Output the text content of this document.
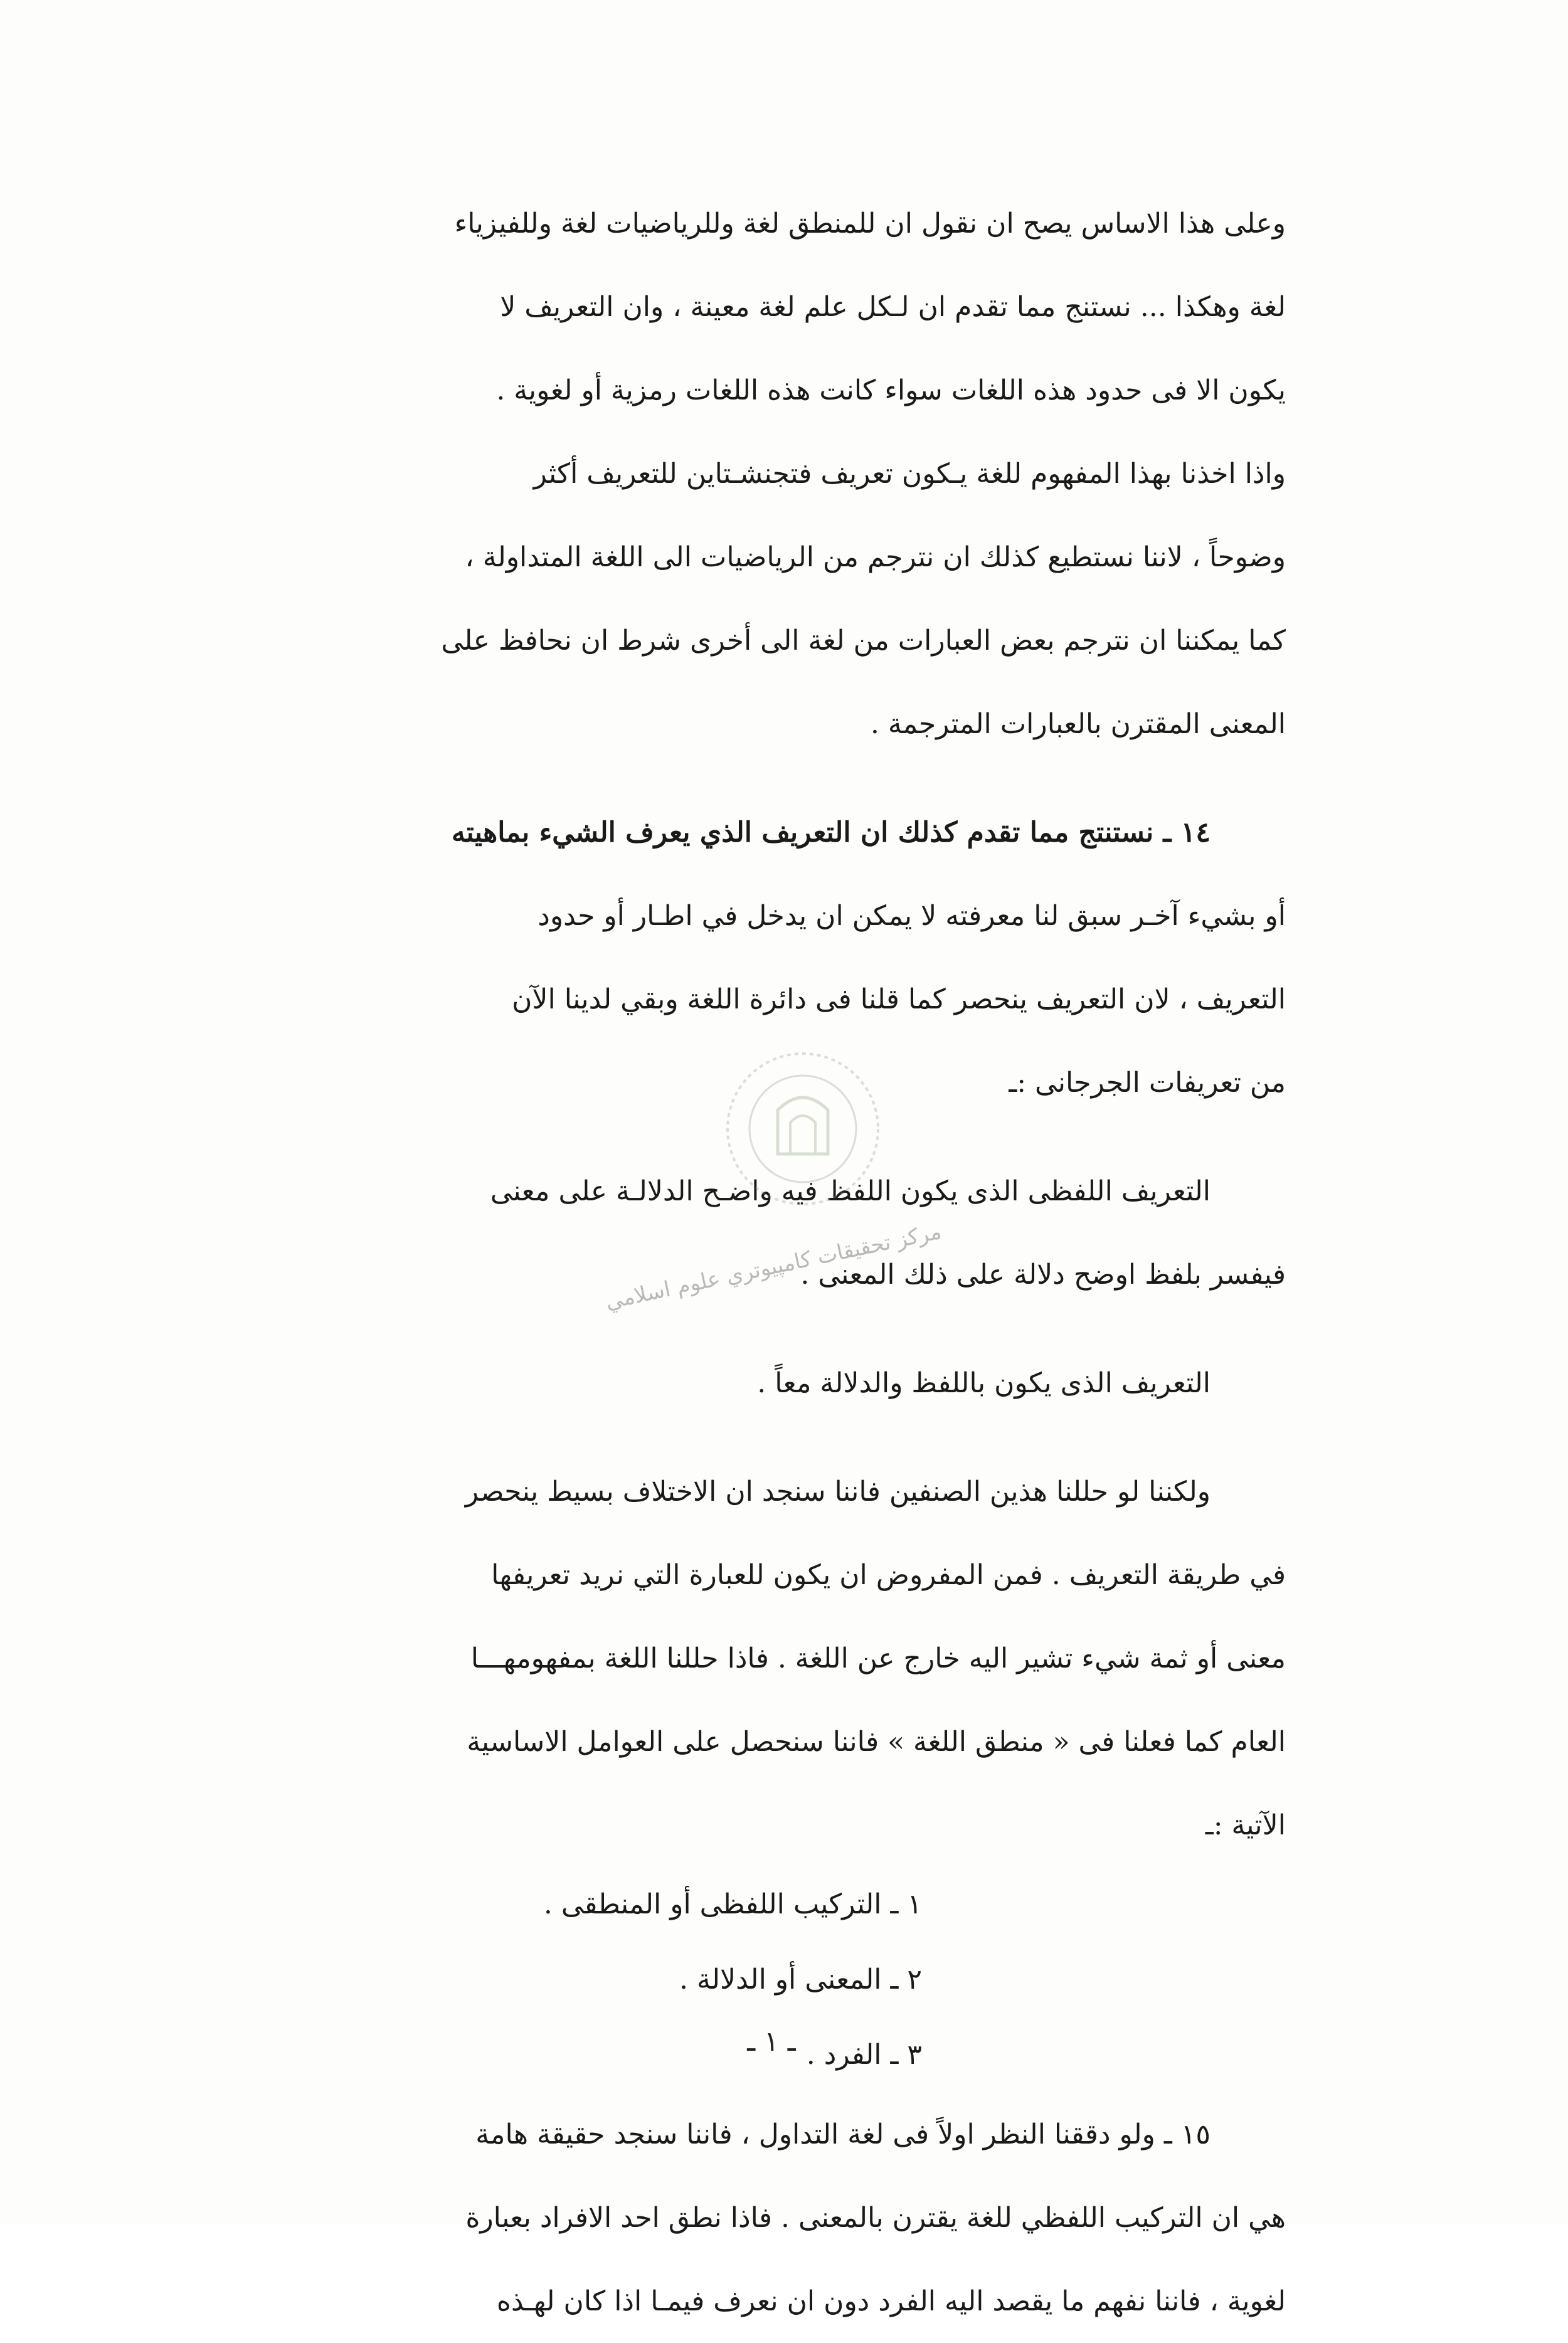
وعلى هذا الاساس يصح ان نقول ان للمنطق لغة وللرياضيات لغة وللفيزياء
لغة وهكذا ... نستنج مما تقدم ان لـكل علم لغة معينة ، وان التعريف لا
يكون الا فى حدود هذه اللغات سواء كانت هذه اللغات رمزية أو لغوية .
واذا اخذنا بهذا المفهوم للغة يـكون تعريف فتجنشـتاين للتعريف أكثر
وضوحاً ، لاننا نستطيع كذلك ان نترجم من الرياضيات الى اللغة المتداولة ،
كما يمكننا ان نترجم بعض العبارات من لغة الى أخرى شرط ان نحافظ على
المعنى المقترن بالعبارات المترجمة .
١٤ ـ نستنتج مما تقدم كذلك ان التعريف الذي يعرف الشيء بماهيته
أو بشيء آخـر سبق لنا معرفته لا يمكن ان يدخل في اطـار أو حدود
التعريف ، لان التعريف ينحصر كما قلنا فى دائرة اللغة وبقي لدينا الآن
من تعريفات الجرجانى :ـ
التعريف اللفظى الذى يكون اللفظ فيه واضـح الدلالـة على معنى
فيفسر بلفظ اوضح دلالة على ذلك المعنى .
التعريف الذى يكون باللفظ والدلالة معاً .
ولكننا لو حللنا هذين الصنفين فاننا سنجد ان الاختلاف بسيط ينحصر
في طريقة التعريف . فمن المفروض ان يكون للعبارة التي نريد تعريفها
معنى أو ثمة شيء تشير اليه خارج عن اللغة . فاذا حللنا اللغة بمفهومهـــا
العام كما فعلنا فى « منطق اللغة » فاننا سنحصل على العوامل الاساسية
الآتية :ـ
١ ـ التركيب اللفظى أو المنطقى .
٢ ـ المعنى أو الدلالة .
٣ ـ الفرد .
١٥ ـ ولو دققنا النظر اولاً فى لغة التداول ، فاننا سنجد حقيقة هامة
هي ان التركيب اللفظي للغة يقترن بالمعنى . فاذا نطق احد الافراد بعبارة
لغوية ، فاننا نفهم ما يقصد اليه الفرد دون ان نعرف فيمـا اذا كان لهـذه
مركز تحقيقات كامپيوتري علوم اسلامي
ـ ١ ـ
